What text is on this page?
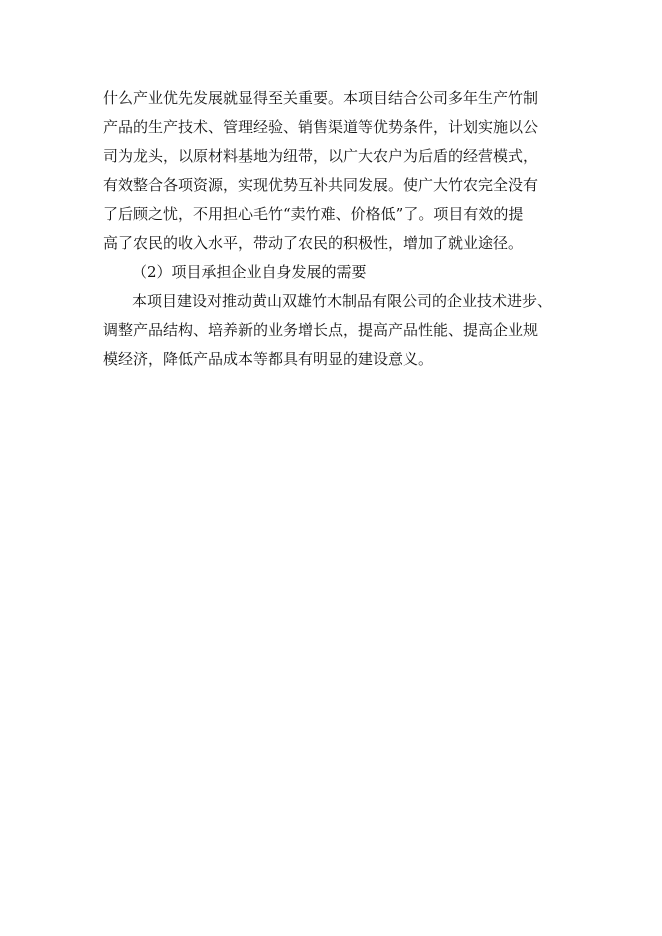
什么产业优先发展就显得至关重要。本项目结合公司多年生产竹制
产品的生产技术、管理经验、销售渠道等优势条件，计划实施以公
司为龙头，以原材料基地为纽带，以广大农户为后盾的经营模式，
有效整合各项资源，实现优势互补共同发展。使广大竹农完全没有
了后顾之忧，不用担心毛竹“卖竹难、价格低”了。项目有效的提
高了农民的收入水平，带动了农民的积极性，增加了就业途径。
（2）项目承担企业自身发展的需要
本项目建设对推动黄山双雄竹木制品有限公司的企业技术进步、
调整产品结构、培养新的业务增长点，提高产品性能、提高企业规
模经济，降低产品成本等都具有明显的建设意义。
